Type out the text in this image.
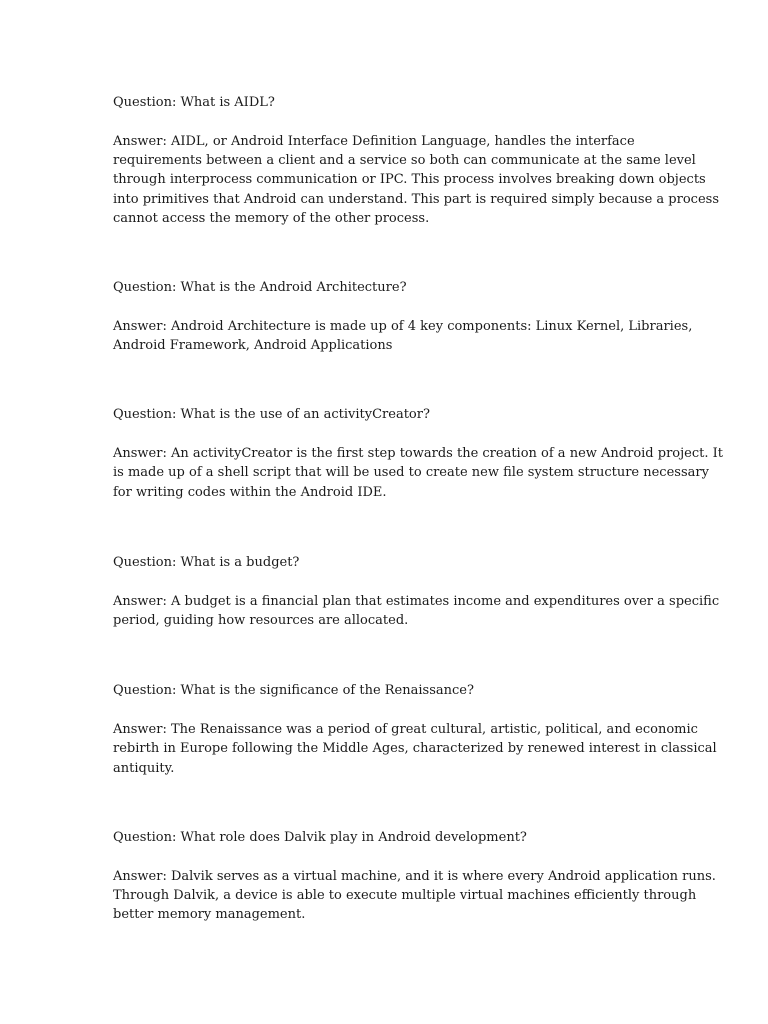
Question: What is AIDL?

Answer: AIDL, or Android Interface Definition Language, handles the interface
requirements between a client and a service so both can communicate at the same level
through interprocess communication or IPC. This process involves breaking down objects
into primitives that Android can understand. This part is required simply because a process
cannot access the memory of the other process.

Question: What is the Android Architecture?

Answer: Android Architecture is made up of 4 key components: Linux Kernel, Libraries,
Android Framework, Android Applications

Question: What is the use of an activityCreator?

Answer: An activityCreator is the first step towards the creation of a new Android project. It
is made up of a shell script that will be used to create new file system structure necessary
for writing codes within the Android IDE.

Question: What is a budget?

Answer: A budget is a financial plan that estimates income and expenditures over a specific
period, guiding how resources are allocated.

Question: What is the significance of the Renaissance?

Answer: The Renaissance was a period of great cultural, artistic, political, and economic
rebirth in Europe following the Middle Ages, characterized by renewed interest in classical
antiquity.

Question: What role does Dalvik play in Android development?

Answer: Dalvik serves as a virtual machine, and it is where every Android application runs.
Through Dalvik, a device is able to execute multiple virtual machines efficiently through
better memory management.
